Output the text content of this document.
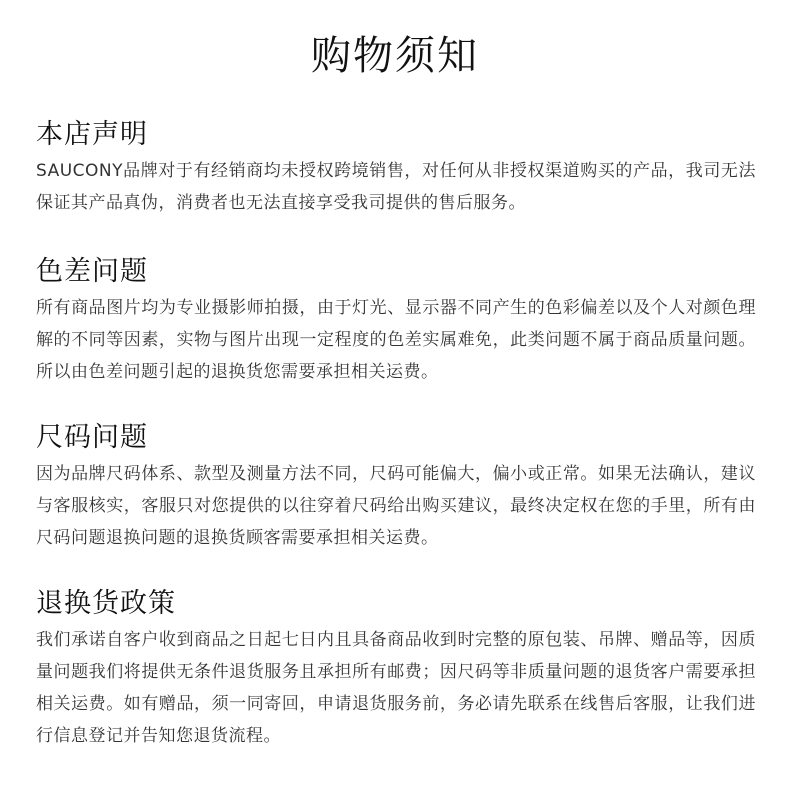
购物须知
本店声明

SAUCONY品牌对于有经销商均未授权跨境销售，对任何从非授权渠道购买的产品，我司无法保证其产品真伪，消费者也无法直接享受我司提供的售后服务。

色差问题

所有商品图片均为专业摄影师拍摄，由于灯光、显示器不同产生的色彩偏差以及个人对颜色理解的不同等因素，实物与图片出现一定程度的色差实属难免，此类问题不属于商品质量问题。所以由色差问题引起的退换货您需要承担相关运费。

尺码问题

因为品牌尺码体系、款型及测量方法不同，尺码可能偏大，偏小或正常。如果无法确认，建议与客服核实，客服只对您提供的以往穿着尺码给出购买建议，最终决定权在您的手里，所有由尺码问题退换问题的退换货顾客需要承担相关运费。

退换货政策

我们承诺自客户收到商品之日起七日内且具备商品收到时完整的原包装、吊牌、赠品等，因质量问题我们将提供无条件退货服务且承担所有邮费；因尺码等非质量问题的退货客户需要承担相关运费。如有赠品，须一同寄回，申请退货服务前，务必请先联系在线售后客服，让我们进行信息登记并告知您退货流程。
